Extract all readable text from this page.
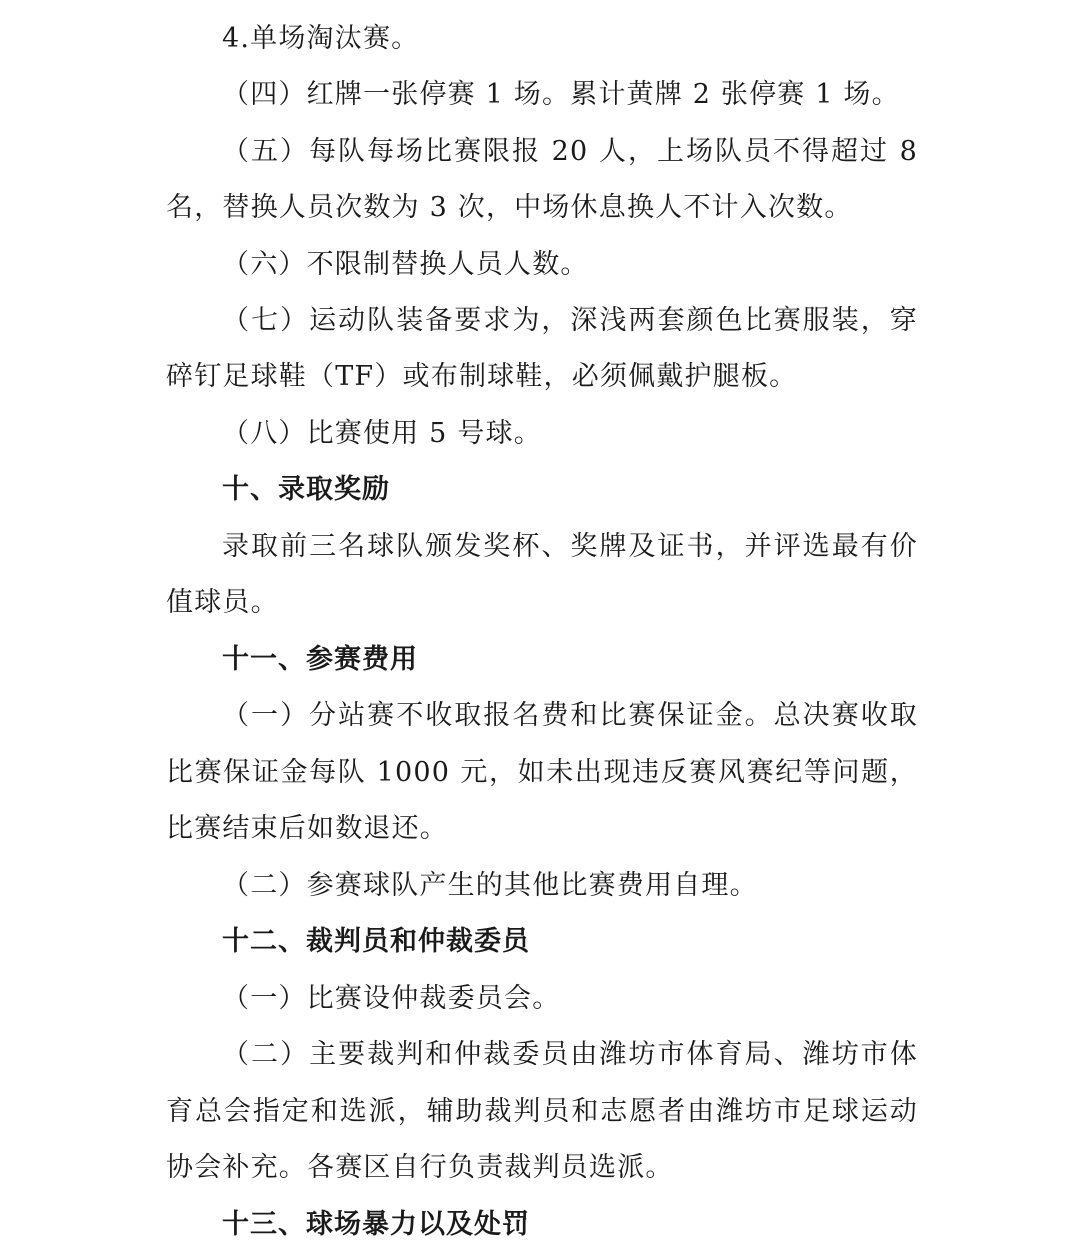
4.单场淘汰赛。
（四）红牌一张停赛 1 场。累计黄牌 2 张停赛 1 场。
（五）每队每场比赛限报 20 人，上场队员不得超过 8
名，替换人员次数为 3 次，中场休息换人不计入次数。
（六）不限制替换人员人数。
（七）运动队装备要求为，深浅两套颜色比赛服装，穿
碎钉足球鞋（TF）或布制球鞋，必须佩戴护腿板。
（八）比赛使用 5 号球。
十、录取奖励
录取前三名球队颁发奖杯、奖牌及证书，并评选最有价
值球员。
十一、参赛费用
（一）分站赛不收取报名费和比赛保证金。总决赛收取
比赛保证金每队 1000 元，如未出现违反赛风赛纪等问题，
比赛结束后如数退还。
（二）参赛球队产生的其他比赛费用自理。
十二、裁判员和仲裁委员
（一）比赛设仲裁委员会。
（二）主要裁判和仲裁委员由潍坊市体育局、潍坊市体
育总会指定和选派，辅助裁判员和志愿者由潍坊市足球运动
协会补充。各赛区自行负责裁判员选派。
十三、球场暴力以及处罚
